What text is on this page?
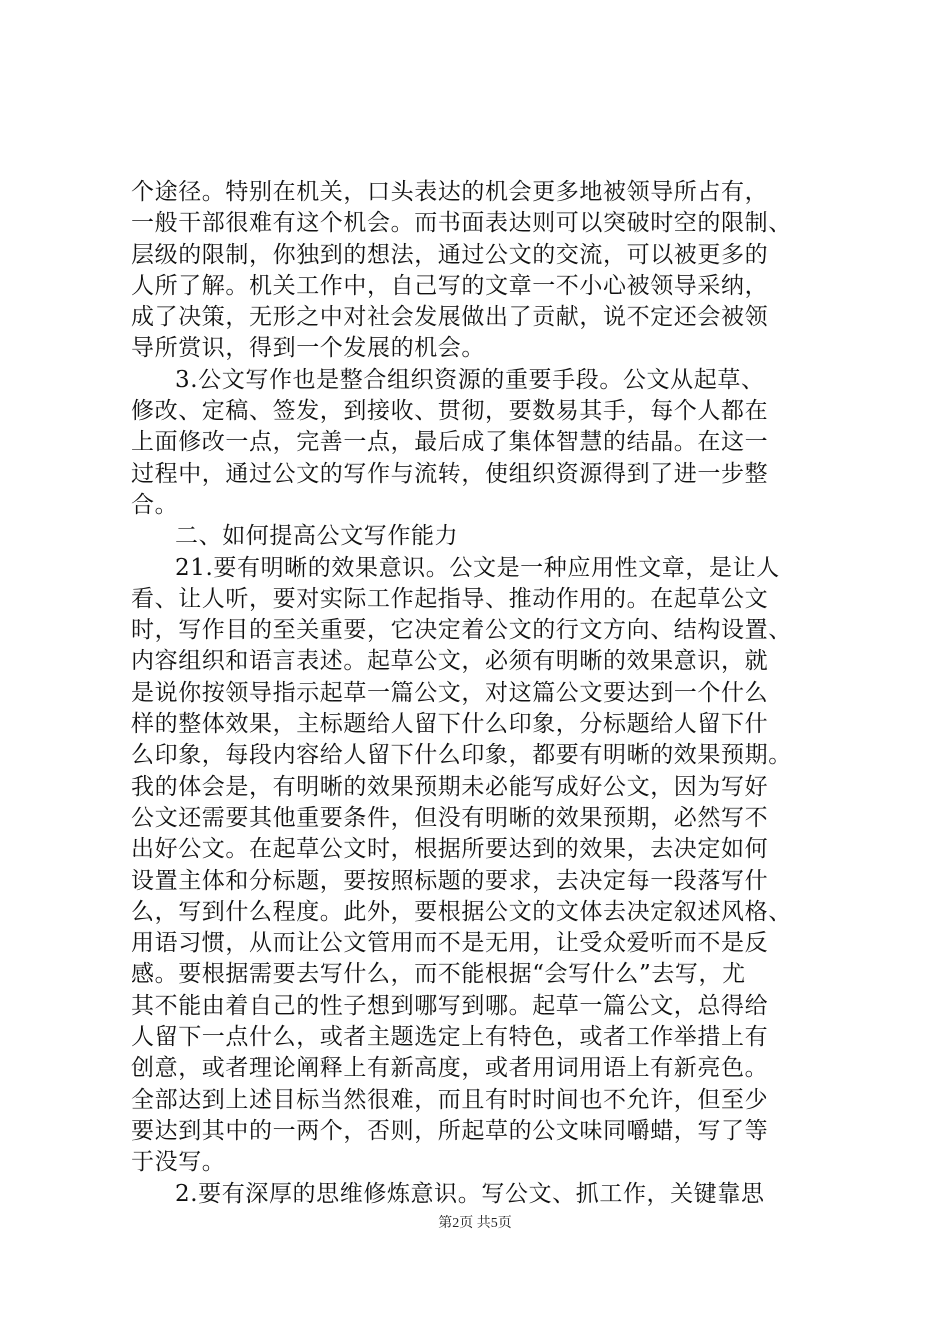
个途径。特别在机关，口头表达的机会更多地被领导所占有，
一般干部很难有这个机会。而书面表达则可以突破时空的限制、
层级的限制，你独到的想法，通过公文的交流，可以被更多的
人所了解。机关工作中，自己写的文章一不小心被领导采纳，
成了决策，无形之中对社会发展做出了贡献，说不定还会被领
导所赏识，得到一个发展的机会。
3.公文写作也是整合组织资源的重要手段。公文从起草、
修改、定稿、签发，到接收、贯彻，要数易其手，每个人都在
上面修改一点，完善一点，最后成了集体智慧的结晶。在这一
过程中，通过公文的写作与流转，使组织资源得到了进一步整
合。
二、如何提高公文写作能力
21.要有明晰的效果意识。公文是一种应用性文章，是让人
看、让人听，要对实际工作起指导、推动作用的。在起草公文
时，写作目的至关重要，它决定着公文的行文方向、结构设置、
内容组织和语言表述。起草公文，必须有明晰的效果意识，就
是说你按领导指示起草一篇公文，对这篇公文要达到一个什么
样的整体效果，主标题给人留下什么印象，分标题给人留下什
么印象，每段内容给人留下什么印象，都要有明晰的效果预期。
我的体会是，有明晰的效果预期未必能写成好公文，因为写好
公文还需要其他重要条件，但没有明晰的效果预期，必然写不
出好公文。在起草公文时，根据所要达到的效果，去决定如何
设置主体和分标题，要按照标题的要求，去决定每一段落写什
么，写到什么程度。此外，要根据公文的文体去决定叙述风格、
用语习惯，从而让公文管用而不是无用，让受众爱听而不是反
感。要根据需要去写什么，而不能根据“会写什么”去写，尤
其不能由着自己的性子想到哪写到哪。起草一篇公文，总得给
人留下一点什么，或者主题选定上有特色，或者工作举措上有
创意，或者理论阐释上有新高度，或者用词用语上有新亮色。
全部达到上述目标当然很难，而且有时时间也不允许，但至少
要达到其中的一两个，否则，所起草的公文味同嚼蜡，写了等
于没写。
2.要有深厚的思维修炼意识。写公文、抓工作，关键靠思
第2页 共5页
